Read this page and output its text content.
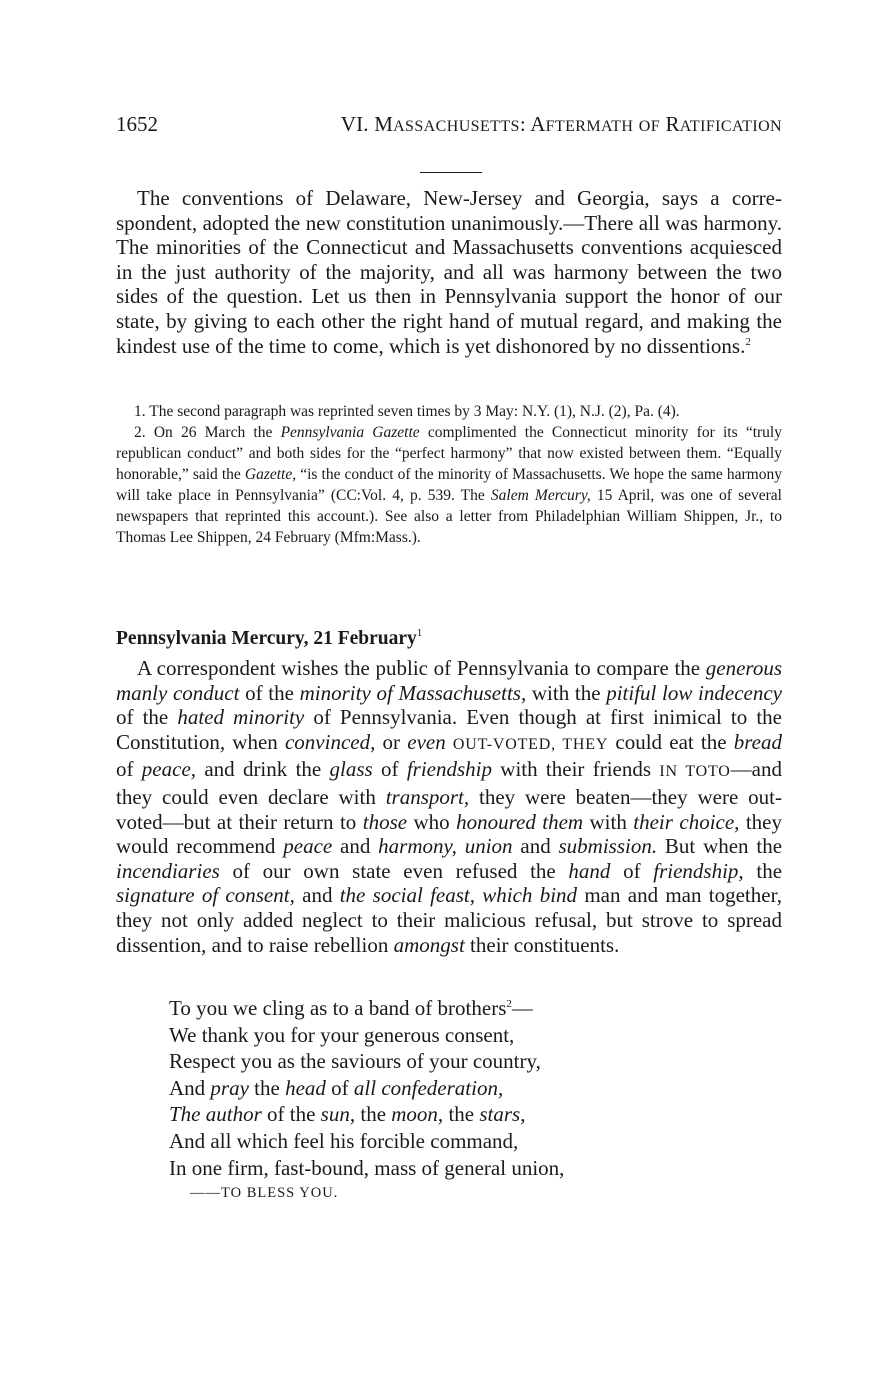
1652	VI. MASSACHUSETTS: AFTERMATH OF RATIFICATION

The conventions of Delaware, New-Jersey and Georgia, says a correspondent, adopted the new constitution unanimously.—There all was harmony. The minorities of the Connecticut and Massachusetts conventions acquiesced in the just authority of the majority, and all was harmony between the two sides of the question. Let us then in Pennsylvania support the honor of our state, by giving to each other the right hand of mutual regard, and making the kindest use of the time to come, which is yet dishonored by no dissentions.$^2$

1. The second paragraph was reprinted seven times by 3 May: N.Y. (1), N.J. (2), Pa. (4).

2. On 26 March the Pennsylvania Gazette complimented the Connecticut minority for its “truly republican conduct” and both sides for the “perfect harmony” that now existed between them. “Equally honorable,” said the Gazette, “is the conduct of the minority of Massachusetts. We hope the same harmony will take place in Pennsylvania” (CC:Vol. 4, p. 539. The Salem Mercury, 15 April, was one of several newspapers that reprinted this account.). See also a letter from Philadelphian William Shippen, Jr., to Thomas Lee Shippen, 24 February (Mfm:Mass.).

Pennsylvania Mercury, 21 February$^1$

A correspondent wishes the public of Pennsylvania to compare the generous manly conduct of the minority of Massachusetts, with the pitiful low indecency of the hated minority of Pennsylvania. Even though at first inimical to the Constitution, when convinced, or even OUT-VOTED, THEY could eat the bread of peace, and drink the glass of friendship with their friends IN TOTO—and they could even declare with transport, they were beaten—they were out-voted—but at their return to those who honoured them with their choice, they would recommend peace and harmony, union and submission. But when the incendiaries of our own state even refused the hand of friendship, the signature of consent, and the social feast, which bind man and man together, they not only added neglect to their malicious refusal, but strove to spread dissention, and to raise rebellion amongst their constituents.

To you we cling as to a band of brothers$^2$—
We thank you for your generous consent,
Respect you as the saviours of your country,
And pray the head of all confederation,
The author of the sun, the moon, the stars,
And all which feel his forcible command,
In one firm, fast-bound, mass of general union,
——TO BLESS YOU.
